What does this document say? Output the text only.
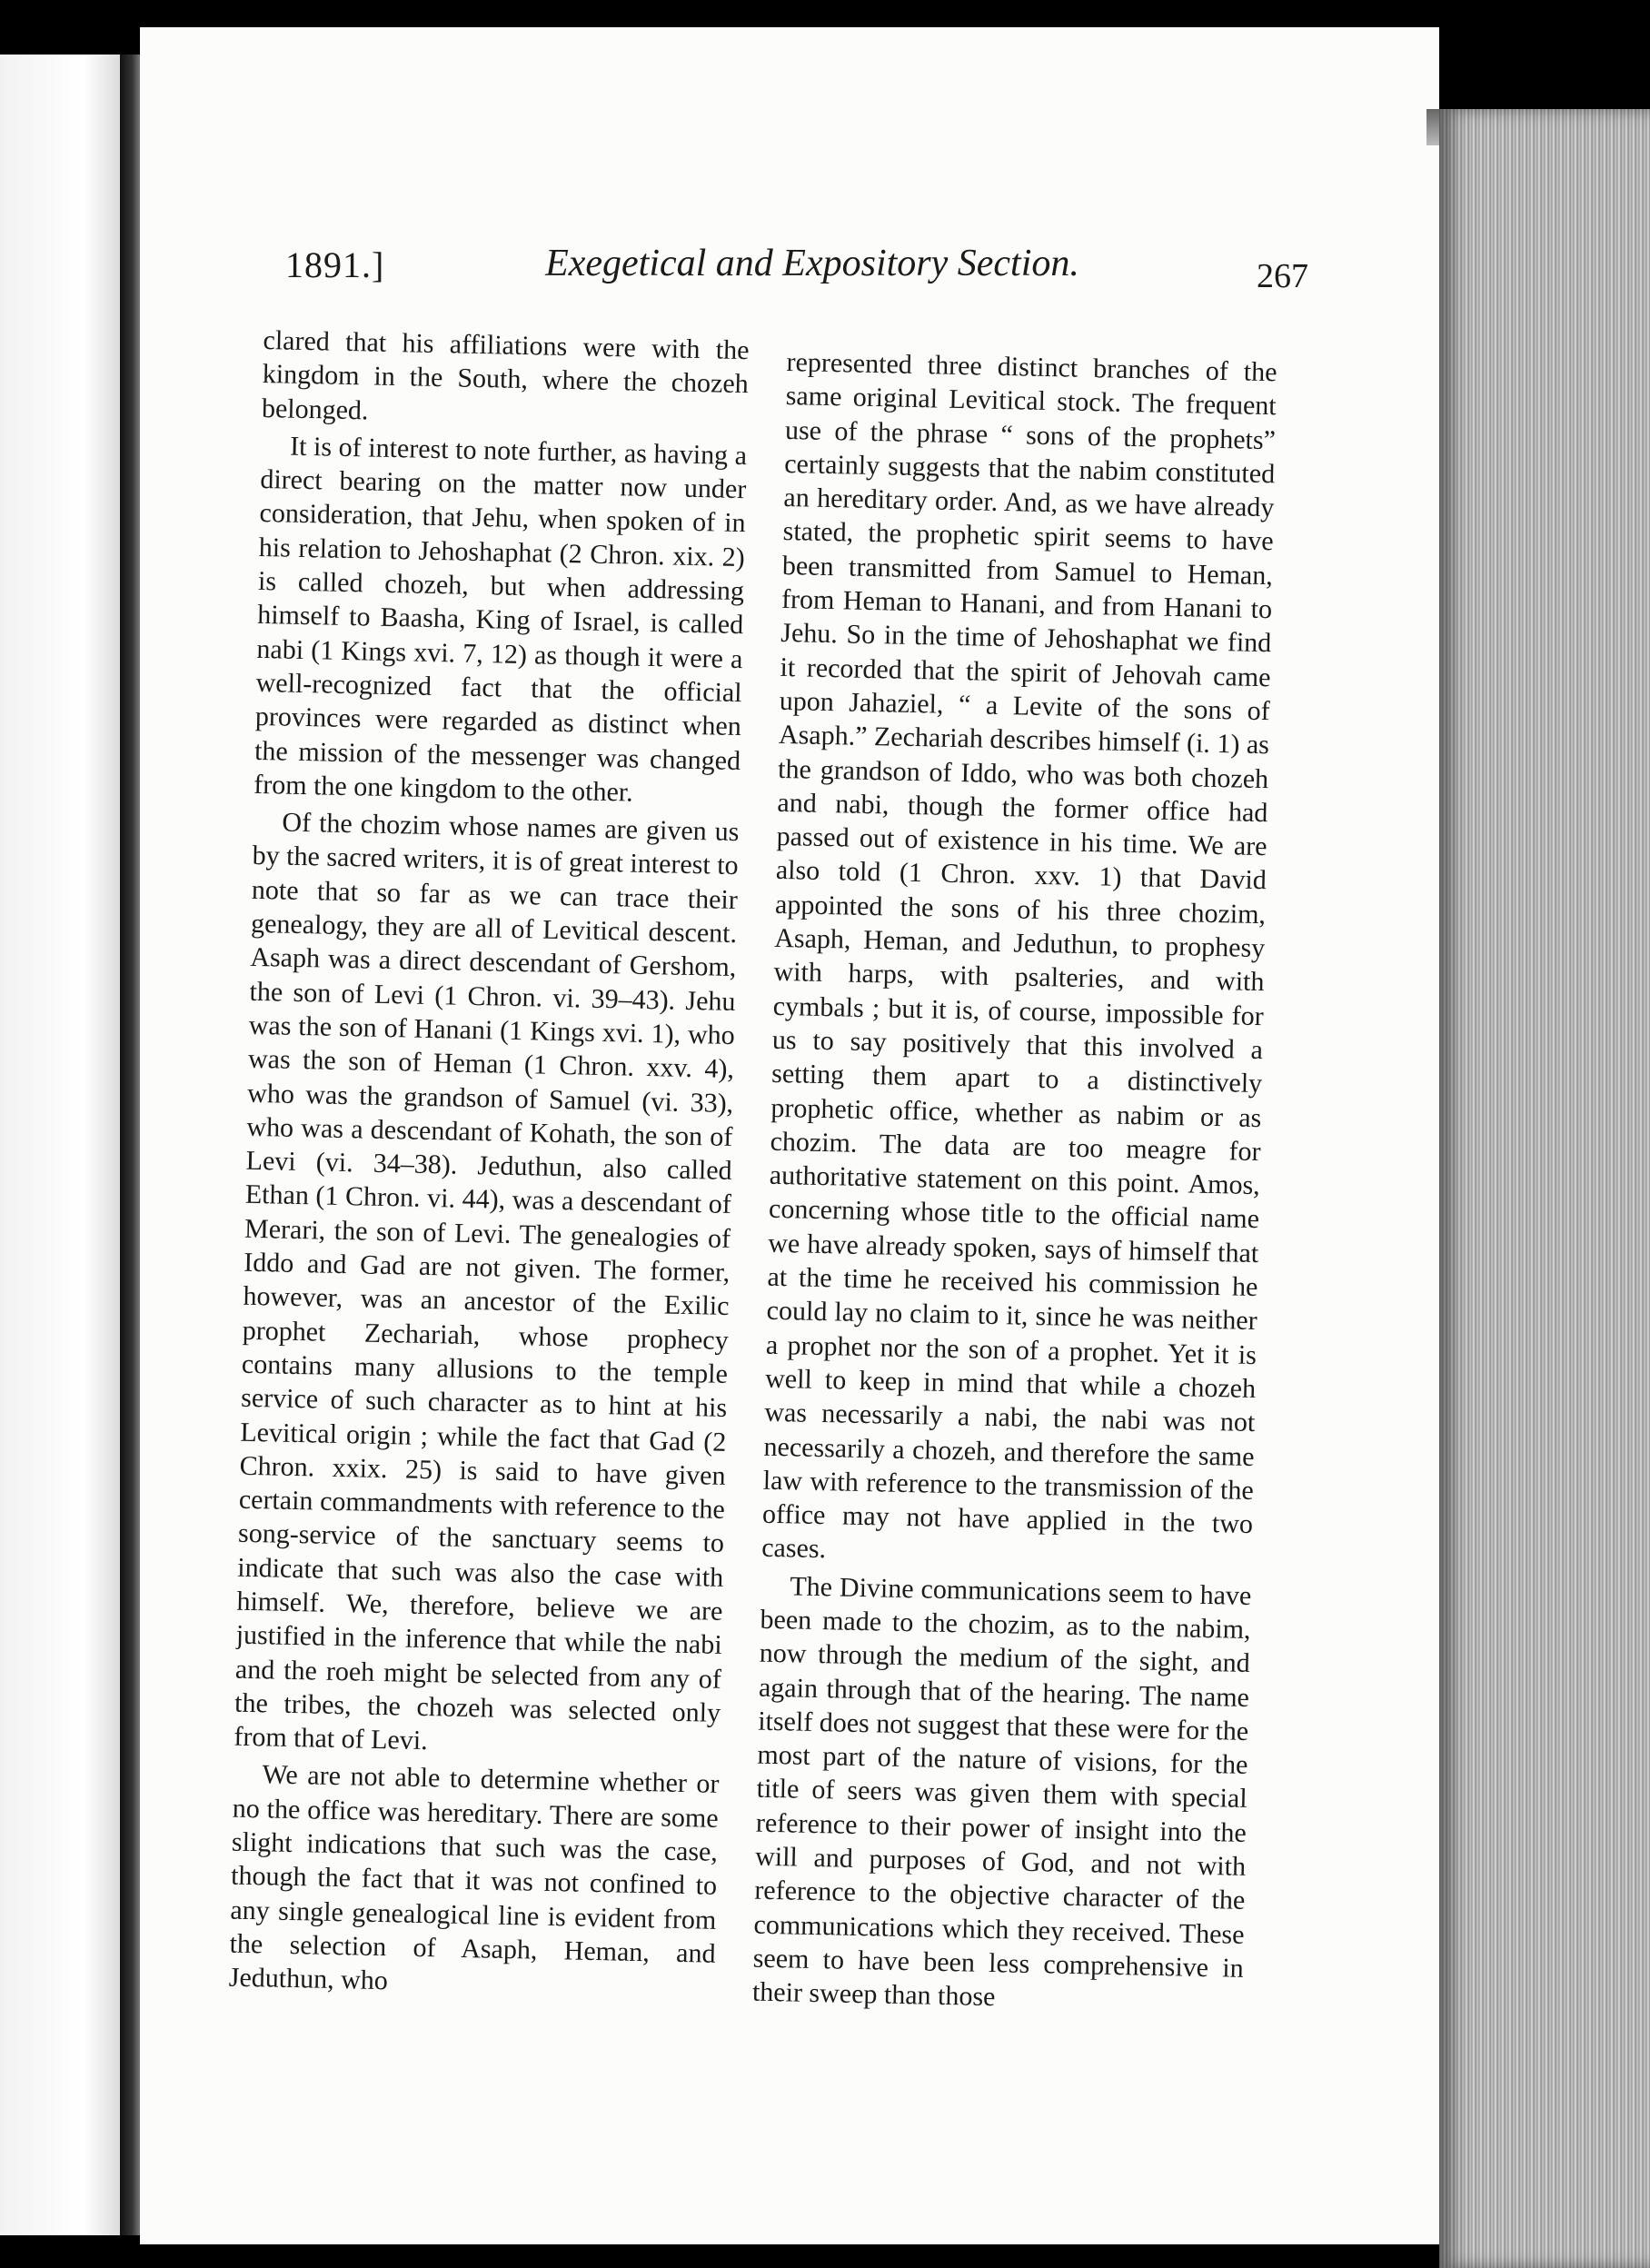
1891.]	Exegetical and Expository Section.	267

clared that his affiliations were with the kingdom in the South, where the chozeh belonged.

It is of interest to note further, as having a direct bearing on the matter now under consideration, that Jehu, when spoken of in his relation to Jehoshaphat (2 Chron. xix. 2) is called chozeh, but when addressing himself to Baasha, King of Israel, is called nabi (1 Kings xvi. 7, 12) as though it were a well-recognized fact that the official provinces were regarded as distinct when the mission of the messenger was changed from the one kingdom to the other.

Of the chozim whose names are given us by the sacred writers, it is of great interest to note that so far as we can trace their genealogy, they are all of Levitical descent. Asaph was a direct descendant of Gershom, the son of Levi (1 Chron. vi. 39–43). Jehu was the son of Hanani (1 Kings xvi. 1), who was the son of Heman (1 Chron. xxv. 4), who was the grandson of Samuel (vi. 33), who was a descendant of Kohath, the son of Levi (vi. 34–38). Jeduthun, also called Ethan (1 Chron. vi. 44), was a descendant of Merari, the son of Levi. The genealogies of Iddo and Gad are not given. The former, however, was an ancestor of the Exilic prophet Zechariah, whose prophecy contains many allusions to the temple service of such character as to hint at his Levitical origin ; while the fact that Gad (2 Chron. xxix. 25) is said to have given certain commandments with reference to the song-service of the sanctuary seems to indicate that such was also the case with himself. We, therefore, believe we are justified in the inference that while the nabi and the roeh might be selected from any of the tribes, the chozeh was selected only from that of Levi.

We are not able to determine whether or no the office was hereditary. There are some slight indications that such was the case, though the fact that it was not confined to any single genealogical line is evident from the selection of Asaph, Heman, and Jeduthun, who

represented three distinct branches of the same original Levitical stock. The frequent use of the phrase “ sons of the prophets” certainly suggests that the nabim constituted an hereditary order. And, as we have already stated, the prophetic spirit seems to have been transmitted from Samuel to Heman, from Heman to Hanani, and from Hanani to Jehu. So in the time of Jehoshaphat we find it recorded that the spirit of Jehovah came upon Jahaziel, “ a Levite of the sons of Asaph.” Zechariah describes himself (i. 1) as the grandson of Iddo, who was both chozeh and nabi, though the former office had passed out of existence in his time. We are also told (1 Chron. xxv. 1) that David appointed the sons of his three chozim, Asaph, Heman, and Jeduthun, to prophesy with harps, with psalteries, and with cymbals ; but it is, of course, impossible for us to say positively that this involved a setting them apart to a distinctively prophetic office, whether as nabim or as chozim. The data are too meagre for authoritative statement on this point. Amos, concerning whose title to the official name we have already spoken, says of himself that at the time he received his commission he could lay no claim to it, since he was neither a prophet nor the son of a prophet. Yet it is well to keep in mind that while a chozeh was necessarily a nabi, the nabi was not necessarily a chozeh, and therefore the same law with reference to the transmission of the office may not have applied in the two cases.

The Divine communications seem to have been made to the chozim, as to the nabim, now through the medium of the sight, and again through that of the hearing. The name itself does not suggest that these were for the most part of the nature of visions, for the title of seers was given them with special reference to their power of insight into the will and purposes of God, and not with reference to the objective character of the communications which they received. These seem to have been less comprehensive in their sweep than those
